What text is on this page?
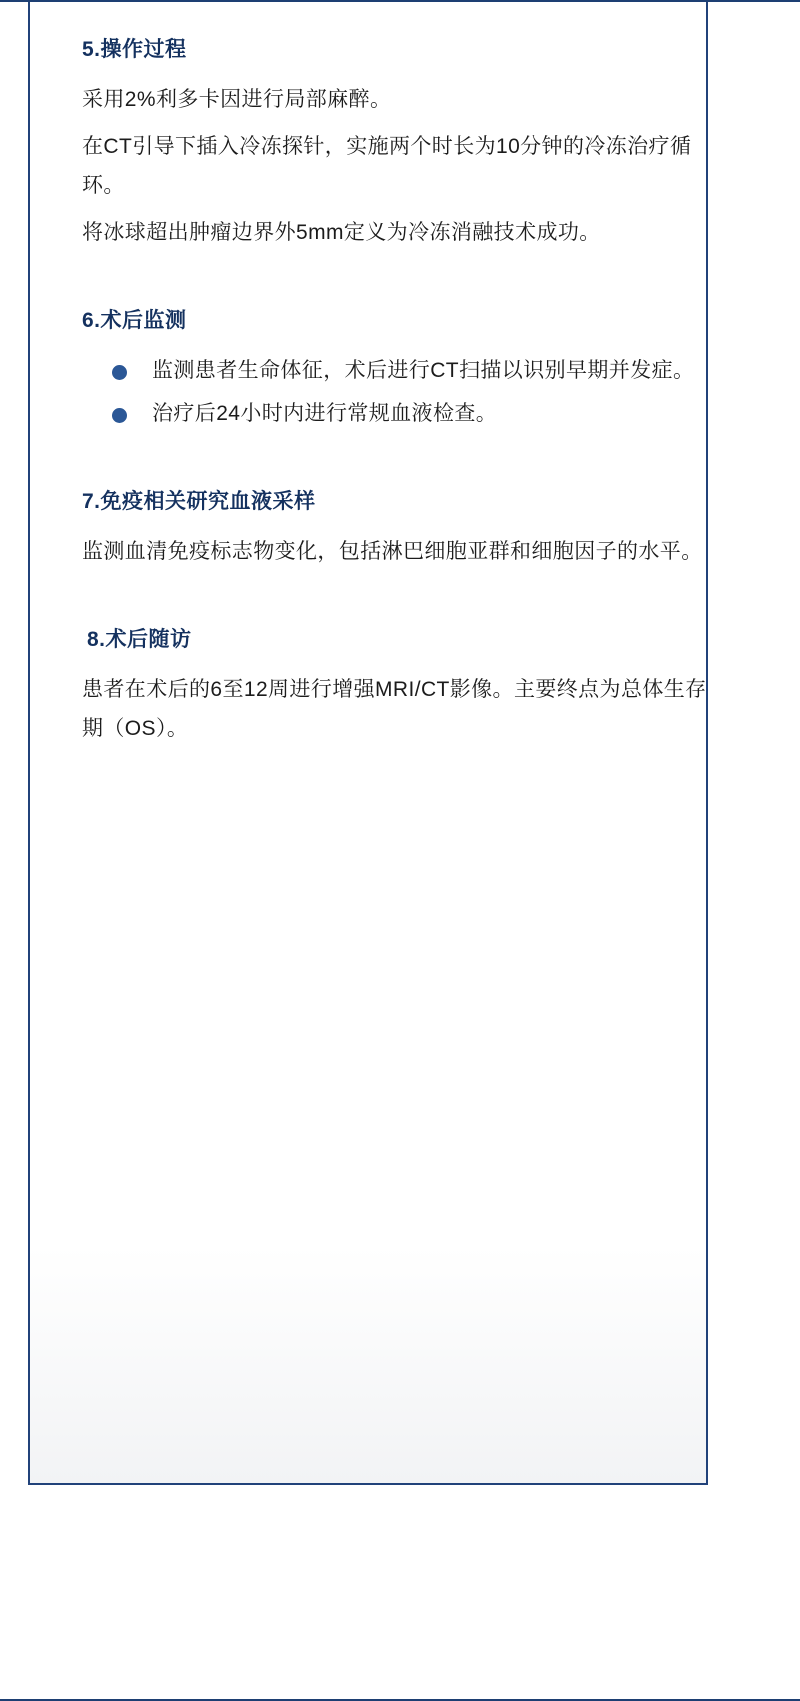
5.操作过程

采用2%利多卡因进行局部麻醉。

在CT引导下插入冷冻探针，实施两个时长为10分钟的冷冻治疗循环。

将冰球超出肿瘤边界外5mm定义为冷冻消融技术成功。

6.术后监测
监测患者生命体征，术后进行CT扫描以识别早期并发症。
治疗后24小时内进行常规血液检查。
7.免疫相关研究血液采样

监测血清免疫标志物变化，包括淋巴细胞亚群和细胞因子的水平。

8.术后随访

患者在术后的6至12周进行增强MRI/CT影像。主要终点为总体生存期（OS）。
